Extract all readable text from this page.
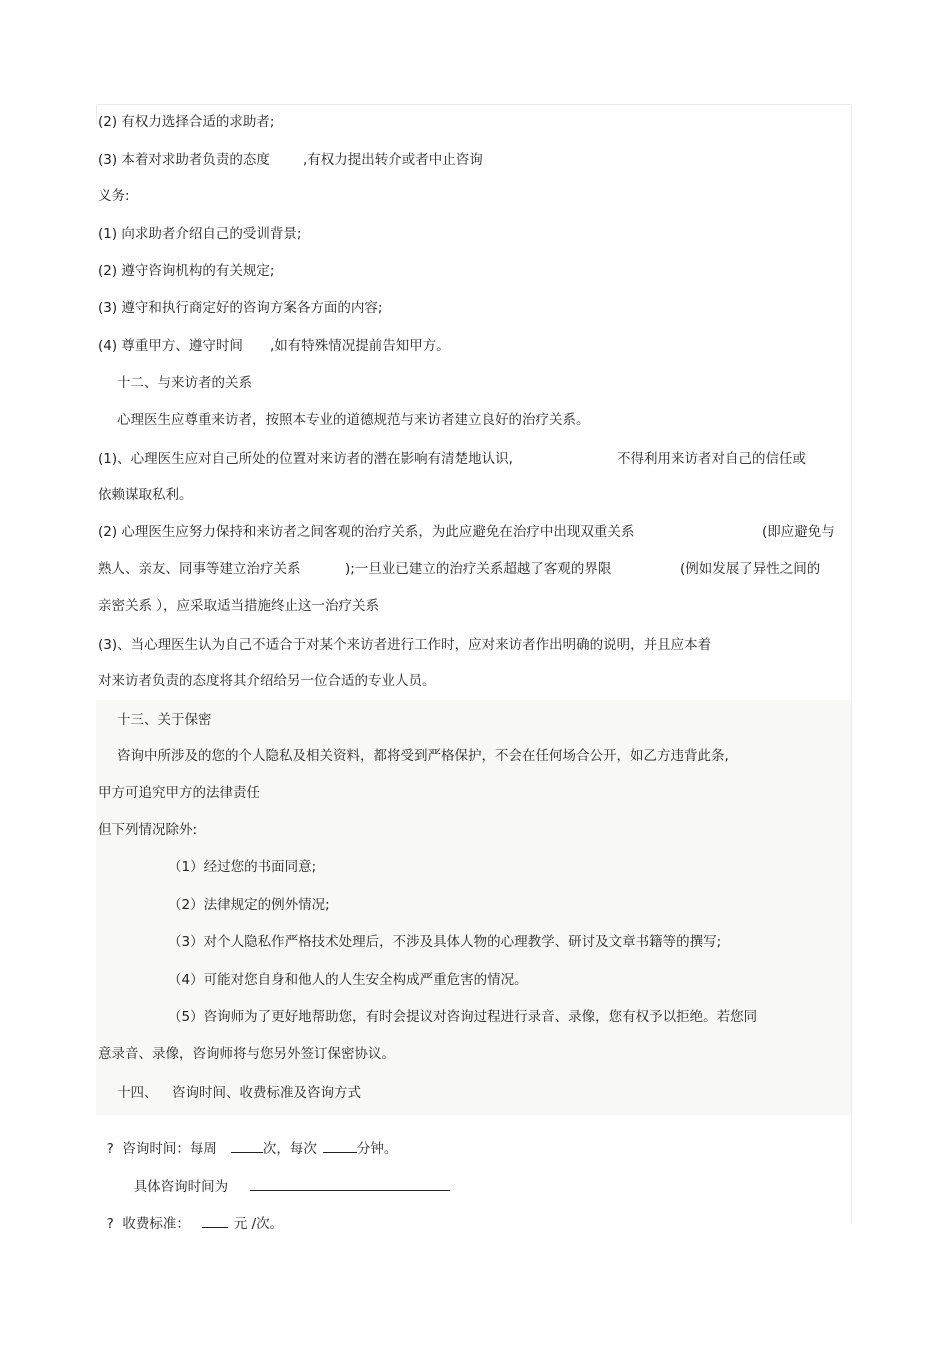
(2) 有权力选择合适的求助者;
(3) 本着对求助者负责的态度 ,有权力提出转介或者中止咨询
义务:
(1) 向求助者介绍自己的受训背景;
(2) 遵守咨询机构的有关规定;
(3) 遵守和执行商定好的咨询方案各方面的内容;
(4) 尊重甲方、遵守时间 ,如有特殊情况提前告知甲方。
十二、与来访者的关系
心理医生应尊重来访者，按照本专业的道德规范与来访者建立良好的治疗关系。
(1)、心理医生应对自己所处的位置对来访者的潜在影响有清楚地认识,	不得利用来访者对自己的信任或
依赖谋取私利。
(2) 心理医生应努力保持和来访者之间客观的治疗关系，为此应避免在治疗中出现双重关系	(即应避免与
熟人、亲友、同事等建立治疗关系	);一旦业已建立的治疗关系超越了客观的界限	(例如发展了异性之间的
亲密关系 ），应采取适当措施终止这一治疗关系
(3)、当心理医生认为自己不适合于对某个来访者进行工作时，应对来访者作出明确的说明，并且应本着
对来访者负责的态度将其介绍给另一位合适的专业人员。
十三、关于保密
咨询中所涉及的您的个人隐私及相关资料，都将受到严格保护，不会在任何场合公开，如乙方违背此条,
甲方可追究甲方的法律责任
但下列情况除外:
（1）经过您的书面同意;
（2）法律规定的例外情况;
（3）对个人隐私作严格技术处理后，不涉及具体人物的心理教学、研讨及文章书籍等的撰写;
（4）可能对您自身和他人的人生安全构成严重危害的情况。
（5）咨询师为了更好地帮助您，有时会提议对咨询过程进行录音、录像，您有权予以拒绝。若您同
意录音、录像，咨询师将与您另外签订保密协议。
十四、 咨询时间、收费标准及咨询方式

?  咨询时间：每周	次，每次	分钟。

具体咨询时间为

?  收费标准：	元 /次。
